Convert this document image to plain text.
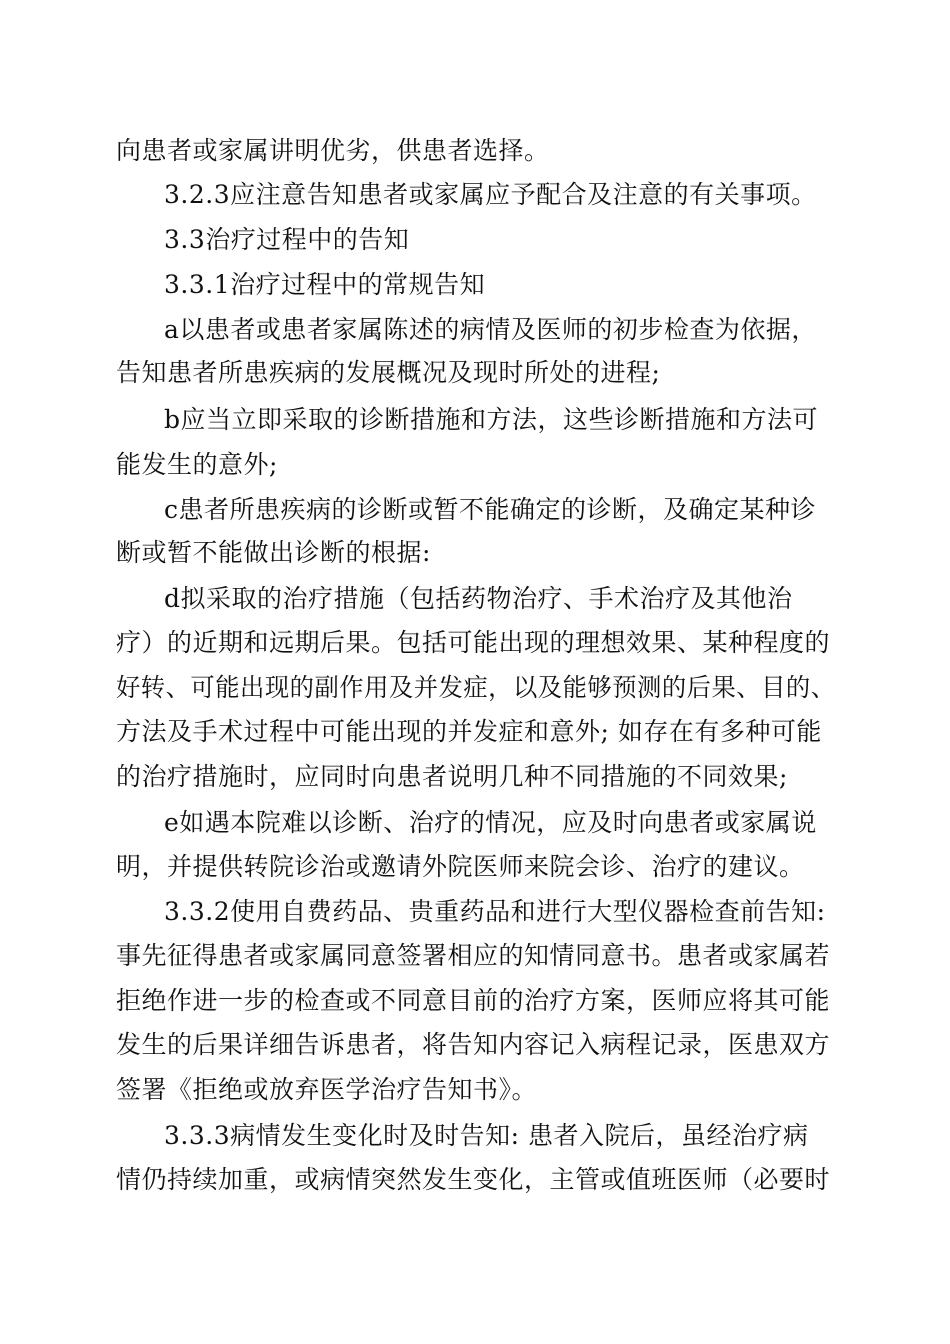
向患者或家属讲明优劣，供患者选择。
3.2.3应注意告知患者或家属应予配合及注意的有关事项。
3.3治疗过程中的告知
3.3.1治疗过程中的常规告知
a以患者或患者家属陈述的病情及医师的初步检查为依据，
告知患者所患疾病的发展概况及现时所处的进程;
b应当立即采取的诊断措施和方法，这些诊断措施和方法可
能发生的意外;
c患者所患疾病的诊断或暂不能确定的诊断，及确定某种诊
断或暂不能做出诊断的根据:
d拟采取的治疗措施（包括药物治疗、手术治疗及其他治
疗）的近期和远期后果。包括可能出现的理想效果、某种程度的
好转、可能出现的副作用及并发症，以及能够预测的后果、目的、
方法及手术过程中可能出现的并发症和意外; 如存在有多种可能
的治疗措施时，应同时向患者说明几种不同措施的不同效果;
e如遇本院难以诊断、治疗的情况，应及时向患者或家属说
明，并提供转院诊治或邀请外院医师来院会诊、治疗的建议。
3.3.2使用自费药品、贵重药品和进行大型仪器检查前告知:
事先征得患者或家属同意签署相应的知情同意书。患者或家属若
拒绝作进一步的检查或不同意目前的治疗方案，医师应将其可能
发生的后果详细告诉患者，将告知内容记入病程记录，医患双方
签署《拒绝或放弃医学治疗告知书》。
3.3.3病情发生变化时及时告知: 患者入院后，虽经治疗病
情仍持续加重，或病情突然发生变化，主管或值班医师（必要时
